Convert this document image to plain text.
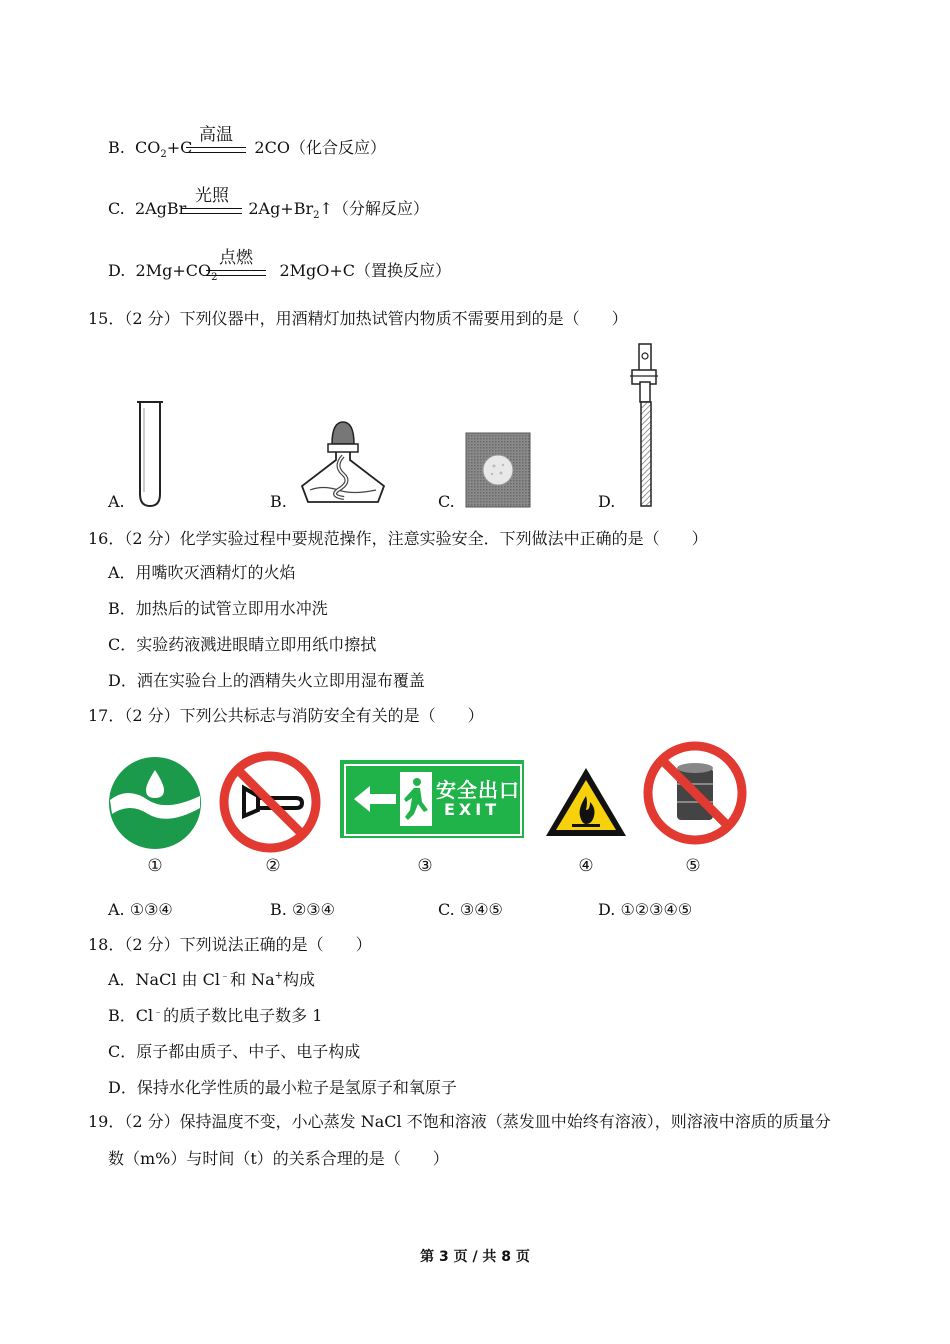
B. $CO_2+C$	2CO（化合反应）
高温
C. 2AgBr	$2Ag+Br_2↑$（分解反应）
光照
D. $2Mg+CO_2$	2MgO+C（置换反应）
点燃
15．（2 分）下列仪器中，用酒精灯加热试管内物质不需要用到的是（　　）
A.	B.	C.	D.
16．（2 分）化学实验过程中要规范操作，注意实验安全．下列做法中正确的是（　　）
A．用嘴吹灭酒精灯的火焰
B．加热后的试管立即用水冲洗
C．实验药液溅进眼睛立即用纸巾擦拭
D．洒在实验台上的酒精失火立即用湿布覆盖
17．（2 分）下列公共标志与消防安全有关的是（　　）
①	②
安全出口
EXIT
③	④	⑤
A. ①③④	B. ②③④	C. ③④⑤	D. ①②③④⑤
18．（2 分）下列说法正确的是（　　）
A．NaCl 由 Cl﹣和 Na+构成
B．Cl﹣的质子数比电子数多 1
C．原子都由质子、中子、电子构成
D．保持水化学性质的最小粒子是氢原子和氧原子
19．（2 分）保持温度不变，小心蒸发 NaCl 不饱和溶液（蒸发皿中始终有溶液），则溶液中溶质的质量分
数（m%）与时间（t）的关系合理的是（　　）
第 3 页 / 共 8 页
